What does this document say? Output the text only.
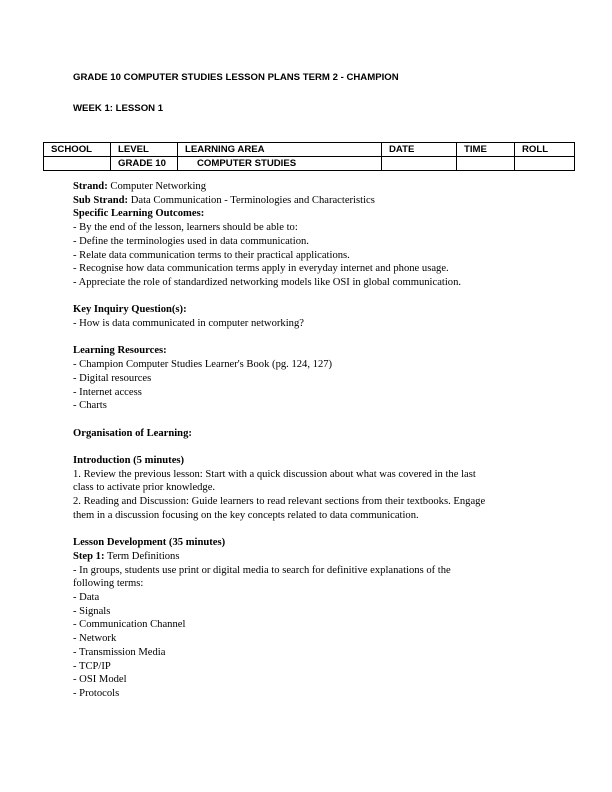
GRADE 10 COMPUTER STUDIES LESSON PLANS TERM 2 - CHAMPION
WEEK 1: LESSON 1
SCHOOL	LEVEL	LEARNING AREA	DATE	TIME	ROLL
	GRADE 10	COMPUTER STUDIES			
Strand: Computer Networking
Sub Strand: Data Communication - Terminologies and Characteristics
Specific Learning Outcomes:
- By the end of the lesson, learners should be able to:
- Define the terminologies used in data communication.
- Relate data communication terms to their practical applications.
- Recognise how data communication terms apply in everyday internet and phone usage.
- Appreciate the role of standardized networking models like OSI in global communication.
Key Inquiry Question(s):
- How is data communicated in computer networking?
Learning Resources:
- Champion Computer Studies Learner's Book (pg. 124, 127)
- Digital resources
- Internet access
- Charts
Organisation of Learning:
Introduction (5 minutes)
1. Review the previous lesson: Start with a quick discussion about what was covered in the last
class to activate prior knowledge.
2. Reading and Discussion: Guide learners to read relevant sections from their textbooks. Engage
them in a discussion focusing on the key concepts related to data communication.
Lesson Development (35 minutes)
Step 1: Term Definitions
- In groups, students use print or digital media to search for definitive explanations of the
following terms:
- Data
- Signals
- Communication Channel
- Network
- Transmission Media
- TCP/IP
- OSI Model
- Protocols
